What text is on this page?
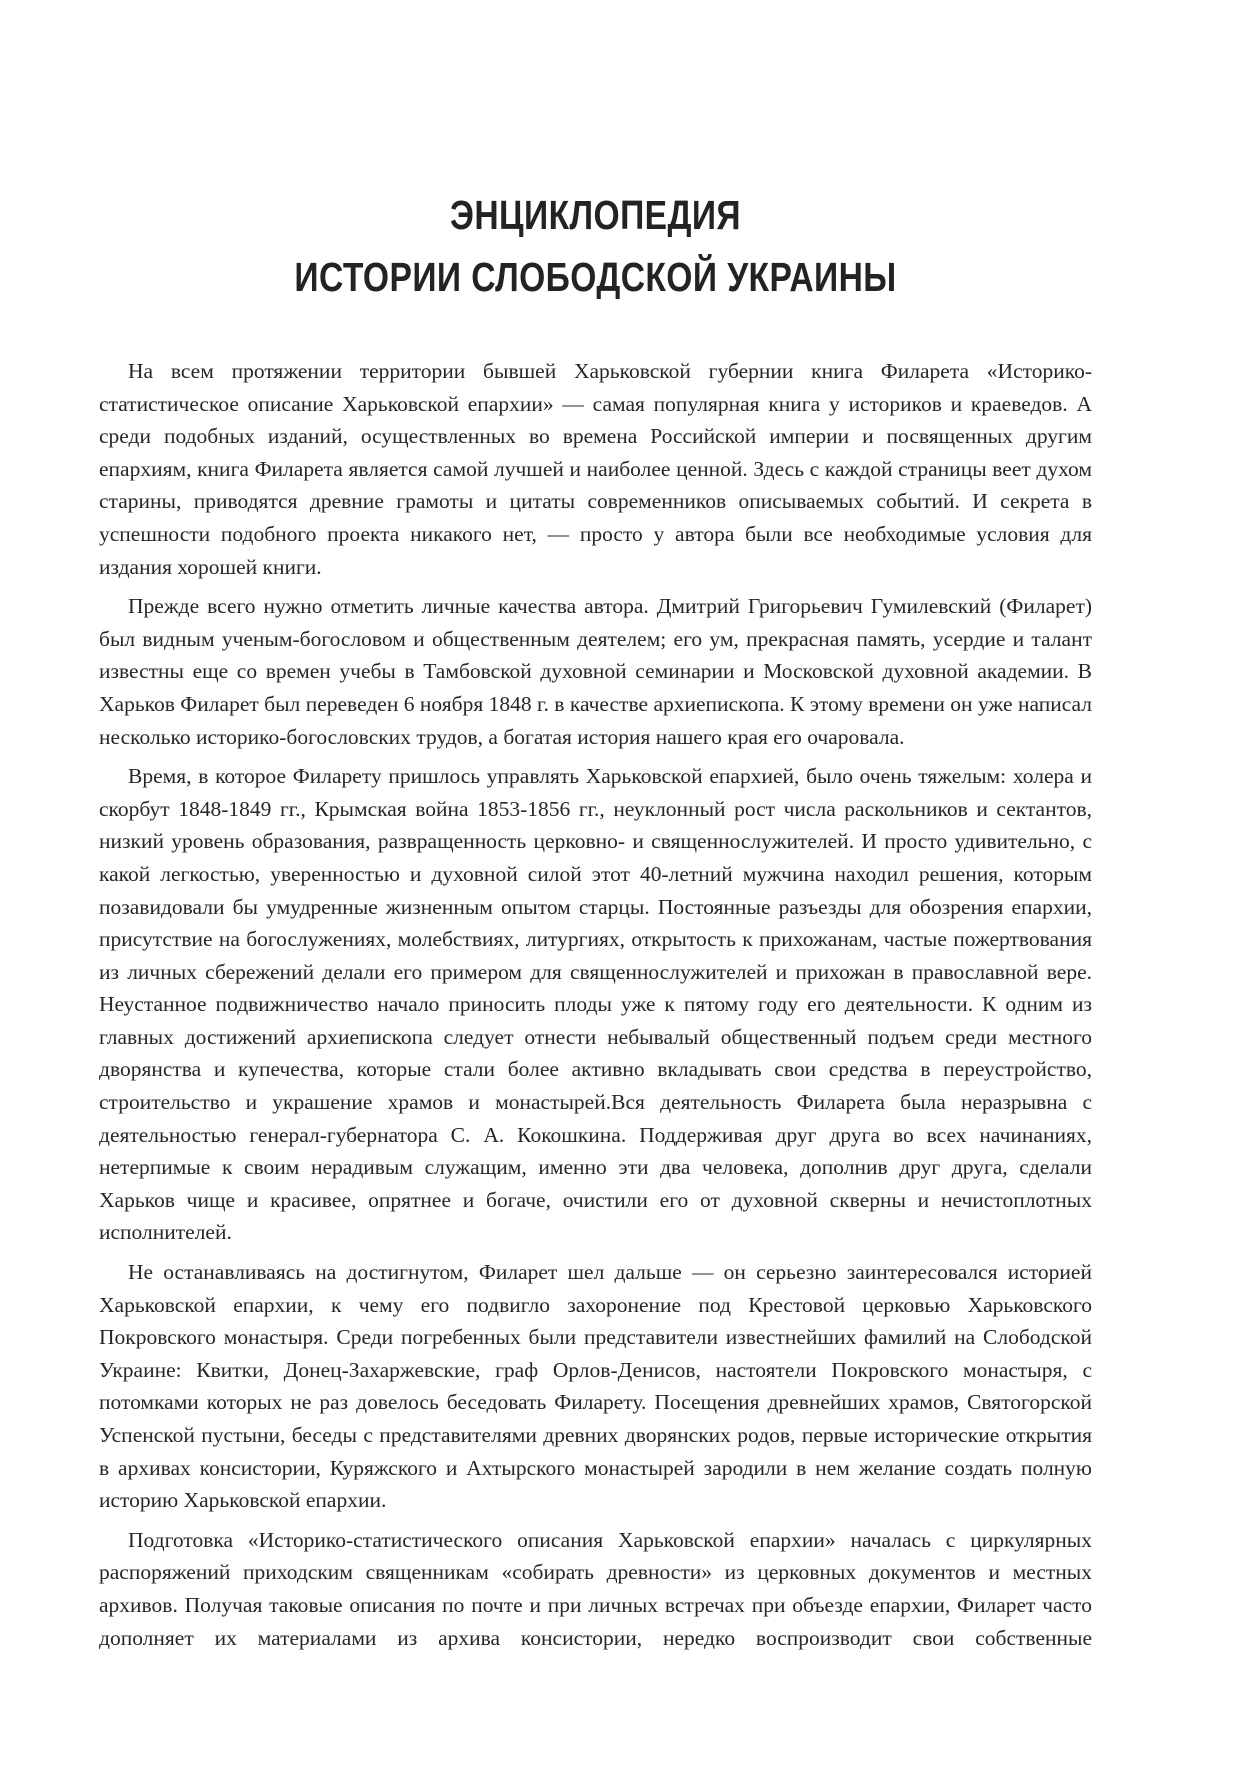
ЭНЦИКЛОПЕДИЯ
ИСТОРИИ СЛОБОДСКОЙ УКРАИНЫ

На всем протяжении территории бывшей Харьковской губернии книга Филарета «Историко-статистическое описание Харьковской епархии» — самая популярная книга у историков и краеведов. А среди подобных изданий, осуществленных во времена Российской империи и посвященных другим епархиям, книга Филарета является самой лучшей и наиболее ценной. Здесь с каждой страницы веет духом старины, приводятся древние грамоты и цитаты современников описываемых событий. И секрета в успешности подобного проекта никакого нет, — просто у автора были все необходимые условия для издания хорошей книги.

Прежде всего нужно отметить личные качества автора. Дмитрий Григорьевич Гумилевский (Филарет) был видным ученым-богословом и общественным деятелем; его ум, прекрасная память, усердие и талант известны еще со времен учебы в Тамбовской духовной семинарии и Московской духовной академии. В Харьков Филарет был переведен 6 ноября 1848 г. в качестве архиепископа. К этому времени он уже написал несколько историко-богословских трудов, а богатая история нашего края его очаровала.

Время, в которое Филарету пришлось управлять Харьковской епархией, было очень тяжелым: холера и скорбут 1848-1849 гг., Крымская война 1853-1856 гг., неуклонный рост числа раскольников и сектантов, низкий уровень образования, развращенность церковно- и священнослужителей. И просто удивительно, с какой легкостью, уверенностью и духовной силой этот 40-летний мужчина находил решения, которым позавидовали бы умудренные жизненным опытом старцы. Постоянные разъезды для обозрения епархии, присутствие на богослужениях, молебствиях, литургиях, открытость к прихожанам, частые пожертвования из личных сбережений делали его примером для священнослужителей и прихожан в православной вере. Неустанное подвижничество начало приносить плоды уже к пятому году его деятельности. К одним из главных достижений архиепископа следует отнести небывалый общественный подъем среди местного дворянства и купечества, которые стали более активно вкладывать свои средства в переустройство, строительство и украшение храмов и монастырей.Вся деятельность Филарета была неразрывна с деятельностью генерал-губернатора С. А. Кокошкина. Поддерживая друг друга во всех начинаниях, нетерпимые к своим нерадивым служащим, именно эти два человека, дополнив друг друга, сделали Харьков чище и красивее, опрятнее и богаче, очистили его от духовной скверны и нечистоплотных исполнителей.

Не останавливаясь на достигнутом, Филарет шел дальше — он серьезно заинтересовался историей Харьковской епархии, к чему его подвигло захоронение под Крестовой церковью Харьковского Покровского монастыря. Среди погребенных были представители известнейших фамилий на Слободской Украине: Квитки, Донец-Захаржевские, граф Орлов-Денисов, настоятели Покровского монастыря, с потомками которых не раз довелось беседовать Филарету. Посещения древнейших храмов, Святогорской Успенской пустыни, беседы с представителями древних дворянских родов, первые исторические открытия в архивах консистории, Куряжского и Ахтырского монастырей зародили в нем желание создать полную историю Харьковской епархии.

Подготовка «Историко-статистического описания Харьковской епархии» началась с циркулярных распоряжений приходским священникам «собирать древности» из церковных документов и местных архивов. Получая таковые описания по почте и при личных встречах при объезде епархии, Филарет часто дополняет их материалами из архива консистории, нередко воспроизводит свои собственные
